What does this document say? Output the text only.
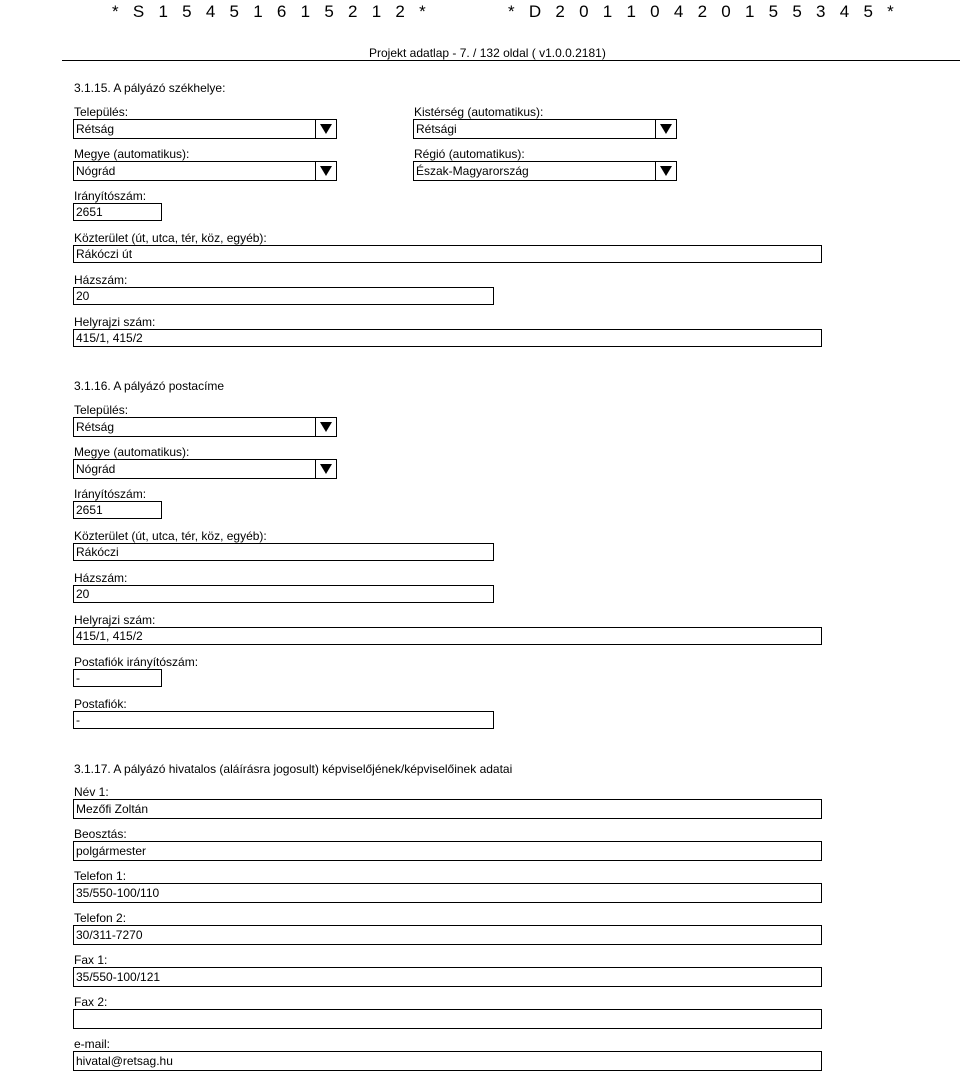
* S 1 5 4 5 1 6 1 5 2 1 2 *	* D 2 0 1 1 0 4 2 0 1 5 5 3 4 5 *
Projekt adatlap - 7. / 132 oldal ( v1.0.0.2181)
3.1.15. A pályázó székhelye:
Település:
Rétság
Kistérség (automatikus):
Rétsági
Megye (automatikus):
Nógrád
Régió (automatikus):
Észak-Magyarország
Irányítószám:
2651
Közterület (út, utca, tér, köz, egyéb):
Rákóczi út
Házszám:
20
Helyrajzi szám:
415/1, 415/2
3.1.16. A pályázó postacíme
Település:
Rétság
Megye (automatikus):
Nógrád
Irányítószám:
2651
Közterület (út, utca, tér, köz, egyéb):
Rákóczi
Házszám:
20
Helyrajzi szám:
415/1, 415/2
Postafiók irányítószám:
-
Postafiók:
-
3.1.17. A pályázó hivatalos (aláírásra jogosult) képviselőjének/képviselőinek adatai
Név 1:
Mezőfi Zoltán
Beosztás:
polgármester
Telefon 1:
35/550-100/110
Telefon 2:
30/311-7270
Fax 1:
35/550-100/121
Fax 2:
e-mail:
hivatal@retsag.hu
